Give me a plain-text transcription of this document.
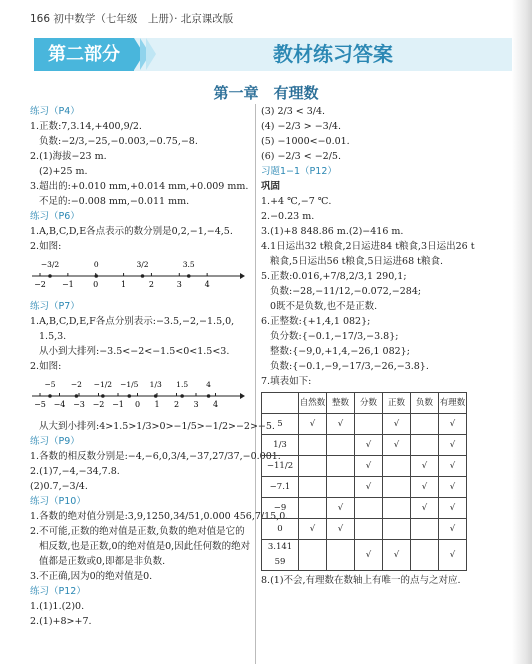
166 初中数学（七年级　上册）· 北京课改版
第二部分	教材练习答案
第一章　有理数

练习（P4）

1.正数:7,3.14,+400,9/2.

负数:−2/3,−25,−0.003,−0.75,−8.

2.(1)海拔−23 m.

(2)+25 m.

3.超出的:+0.010 mm,+0.014 mm,+0.009 mm.

不足的:−0.008 mm,−0.011 mm.

练习（P6）

1.A,B,C,D,E各点表示的数分别是0,2,−1,−4,5.

2.如图:

−2 −1 0	1	2	3	4
−3/2	0	3/2	3.5

练习（P7）

1.A,B,C,D,E,F各点分别表示:−3.5,−2,−1.5,0,

1.5,3.

从小到大排列:−3.5<−2<−1.5<0<1.5<3.

2.如图:

−5 −4 −3 −2 −1 0 1 2 3 4
−5 −2 −1/2 −1/5 1/3 1.5 4

从大到小排列:4>1.5>1/3>0>−1/5>−1/2>−2>−5.

练习（P9）

1.各数的相反数分别是:−4,−6,0,3/4,−37,27/37,−0.001.

2.(1)7,−4,−34,7.8.

(2)0.7,−3/4.

练习（P10）

1.各数的绝对值分别是:3,9,1250,34/51,0.000 456,7/15,0.

2.不可能,正数的绝对值是正数,负数的绝对值是它的

相反数,也是正数,0的绝对值是0,因此任何数的绝对

值都是正数或0,即都是非负数.

3.不正确,因为0的绝对值是0.

练习（P12）

1.(1)1.(2)0.

2.(1)+8>+7.

(3) 2/3 < 3/4.

(4) −2/3 > −3/4.

(5) −1000<−0.01.

(6) −2/3 < −2/5.

习题1−1（P12）

巩固

1.+4 ℃,−7 ℃.

2.−0.23 m.

3.(1)+8 848.86 m.(2)−416 m.

4.1日运出32 t粮食,2日运进84 t粮食,3日运出26 t

粮食,5日运出56 t粮食,5日运进68 t粮食.

5.正数:0.016,+7/8,2/3,1 290,1;

负数:−28,−11/12,−0.072,−284;

0既不是负数,也不是正数.

6.正整数:{+1,4,1 082};

负分数:{−0.1,−17/3,−3.8};

整数:{−9,0,+1,4,−26,1 082};

负数:{−0.1,−9,−17/3,−26,−3.8}.

7.填表如下:

	自然数	整数	分数	正数	负数	有理数
5	√	√		√		√
1/3			√	√		√
−11/2			√		√	√
−7.1			√		√	√
−9		√			√	√
0	√	√				√
3.141 59			√	√		√

8.(1)不会,有理数在数轴上有唯一的点与之对应.
